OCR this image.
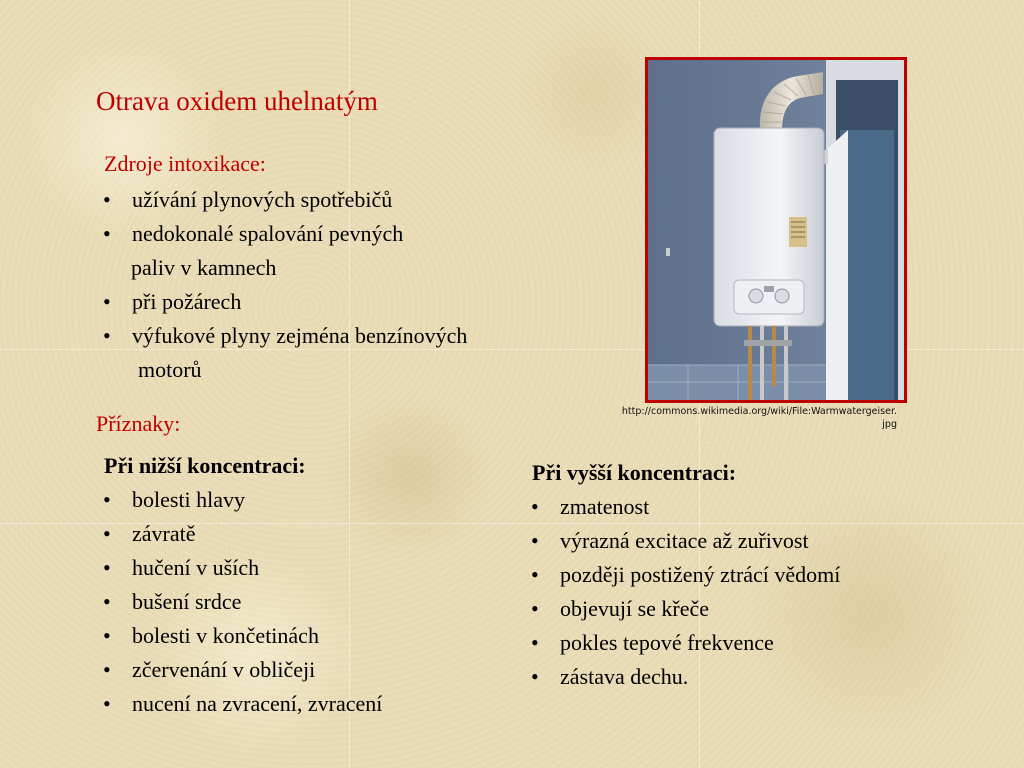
Otrava oxidem uhelnatým
Zdroje intoxikace:
• užívání plynových spotřebičů
• nedokonalé spalování pevných
paliv v kamnech
• při požárech
• výfukové plyny zejména benzínových
motorů
Příznaky:

Při nižší koncentraci:

• bolesti hlavy
• závratě
• hučení v uších
• bušení srdce
• bolesti v končetinách
• zčervenání v obličeji
• nucení na zvracení, zvracení

Při vyšší koncentraci:

• zmatenost
• výrazná excitace až zuřivost
• později postižený ztrácí vědomí
• objevují se křeče
• pokles tepové frekvence
• zástava dechu.
http://commons.wikimedia.org/wiki/File:Warmwatergeiser.jpg
